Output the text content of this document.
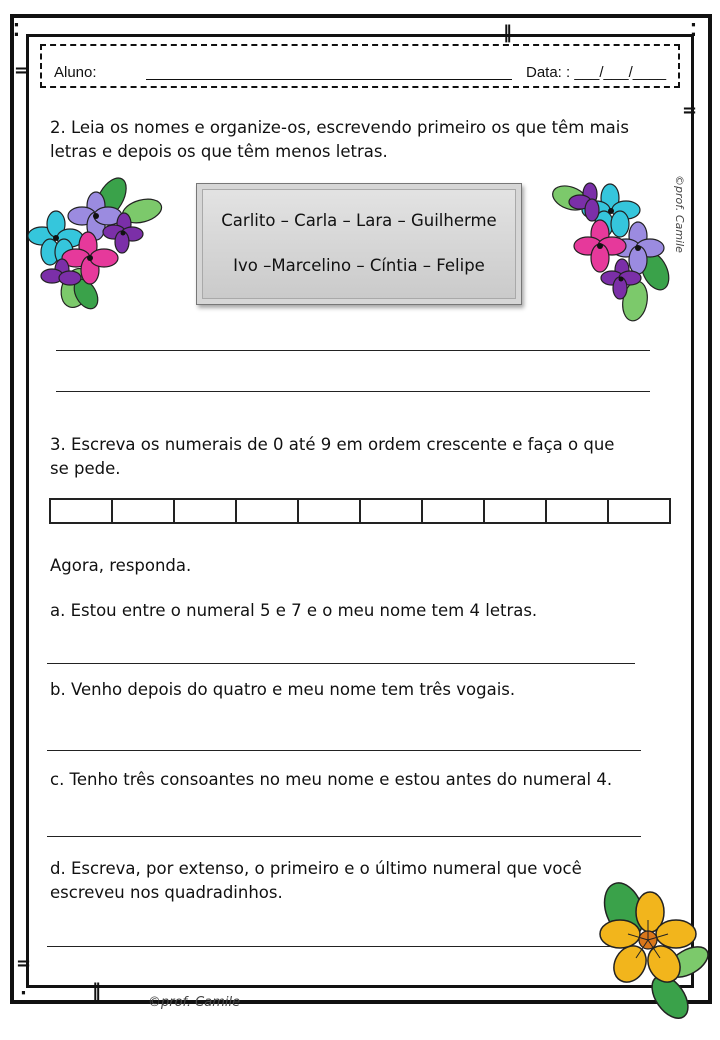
⁚	⁚
‖
=
=
=
‖
⁚
Aluno:	Data: : ___/___/____
2. Leia os nomes e organize-os, escrevendo primeiro os que têm mais
letras e depois os que têm menos letras.
Carlito – Carla – Lara – Guilherme
Ivo –Marcelino – Cíntia – Felipe
3. Escreva os numerais de 0 até 9 em ordem crescente e faça o que
se pede.
Agora, responda.
a. Estou entre o numeral 5 e 7 e o meu nome tem 4 letras.
b. Venho depois do quatro e meu nome tem três vogais.
c. Tenho três consoantes no meu nome e estou antes do numeral 4.
d. Escreva, por extenso, o primeiro e o último numeral que você
escreveu nos quadradinhos.
©prof. Camile
©prof. Camile
